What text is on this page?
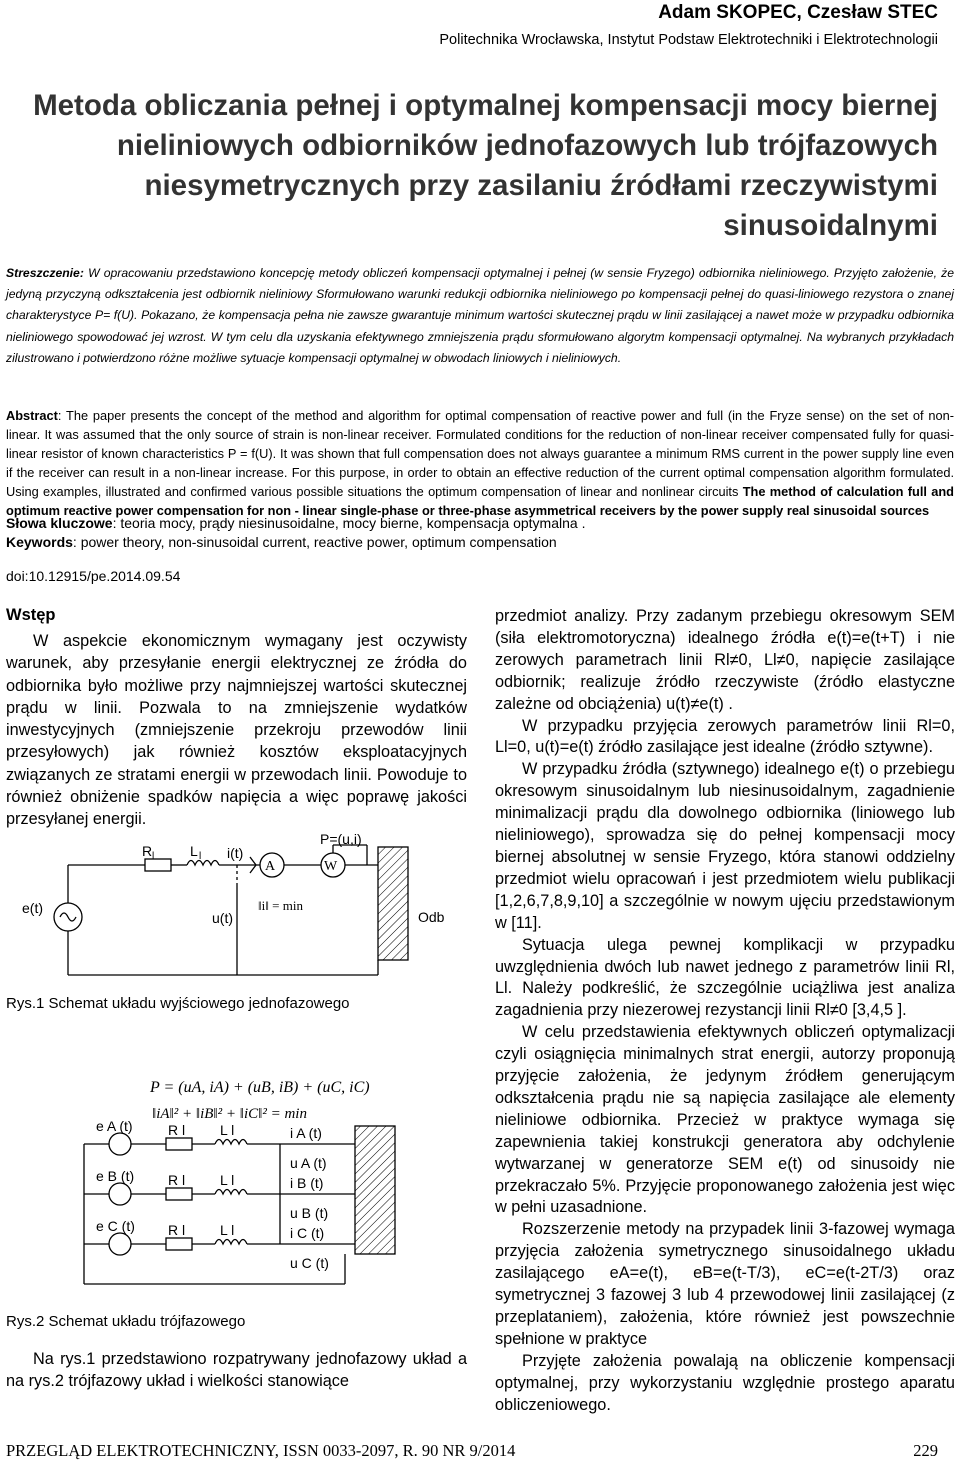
Adam SKOPEC, Czesław STEC
Politechnika Wrocławska, Instytut Podstaw Elektrotechniki i Elektrotechnologii
Metoda obliczania pełnej i optymalnej kompensacji mocy biernej
nieliniowych odbiorników jednofazowych lub trójfazowych
niesymetrycznych przy zasilaniu źródłami rzeczywistymi
sinusoidalnymi
Streszczenie: W opracowaniu przedstawiono koncepcję metody obliczeń kompensacji optymalnej i pełnej (w sensie Fryzego) odbiornika nieliniowego. Przyjęto założenie, że jedyną przyczyną odkształcenia jest odbiornik nieliniowy Sformułowano warunki redukcji odbiornika nieliniowego po kompensacji pełnej do quasi-liniowego rezystora o znanej charakterystyce P= f(U). Pokazano, że kompensacja pełna nie zawsze gwarantuje minimum wartości skutecznej prądu w linii zasilającej a nawet może w przypadku odbiornika nieliniowego spowodować jej wzrost. W tym celu dla uzyskania efektywnego zmniejszenia prądu sformułowano algorytm kompensacji optymalnej. Na wybranych przykładach zilustrowano i potwierdzono różne możliwe sytuacje kompensacji optymalnej w obwodach liniowych i nieliniowych.
Abstract: The paper presents the concept of the method and algorithm for optimal compensation of reactive power and full (in the Fryze sense) on the set of non-linear. It was assumed that the only source of strain is non-linear receiver. Formulated conditions for the reduction of non-linear receiver compensated fully for quasi-linear resistor of known characteristics P = f(U). It was shown that full compensation does not always guarantee a minimum RMS current in the power supply line even if the receiver can result in a non-linear increase. For this purpose, in order to obtain an effective reduction of the current optimal compensation algorithm formulated. Using examples, illustrated and confirmed various possible situations the optimum compensation of linear and nonlinear circuits The method of calculation full and optimum reactive power compensation for non - linear single-phase or three-phase asymmetrical receivers by the power supply real sinusoidal sources
Słowa kluczowe: teoria mocy, prądy niesinusoidalne, mocy bierne, kompensacja optymalna .
Keywords: power theory, non-sinusoidal current, reactive power, optimum compensation
doi:10.12915/pe.2014.09.54
Wstęp
W aspekcie ekonomicznym wymagany jest oczywisty warunek, aby przesyłanie energii elektrycznej ze źródła do odbiornika było możliwe przy najmniejszej wartości skutecznej prądu w linii. Pozwala to na zmniejszenie wydatków inwestycyjnych (zmniejszenie przekroju przewodów linii przesyłowych) jak również kosztów eksploatacyjnych związanych ze stratami energii w przewodach linii. Powoduje to również obniżenie spadków napięcia a więc poprawę jakości przesyłanej energii.
R l	L l i(t)
P=(u,i)
A	W
e(t)
u(t)
‖i‖ = min
Odb
Rys.1 Schemat układu wyjściowego jednofazowego
P = (uA, iA) + (uB, iB) + (uC, iC)
‖iA‖² + ‖iB‖² + ‖iC‖² = min
e A (t)
e B (t)
e C (t)
R l L l
R l L l
R l L l
i A (t)
u A (t)
i B (t)
u B (t)
i C (t)
u C (t)
Rys.2 Schemat układu trójfazowego
Na rys.1 przedstawiono rozpatrywany jednofazowy układ a na rys.2 trójfazowy układ i wielkości stanowiące

przedmiot analizy. Przy zadanym przebiegu okresowym SEM (siła elektromotoryczna) idealnego źródła e(t)=e(t+T) i nie zerowych parametrach linii Rl≠0, Ll≠0, napięcie zasilające odbiornik; realizuje źródło rzeczywiste (źródło elastyczne zależne od obciążenia) u(t)≠e(t) .

W przypadku przyjęcia zerowych parametrów linii Rl=0, Ll=0, u(t)=e(t) źródło zasilające jest idealne (źródło sztywne).

W przypadku źródła (sztywnego) idealnego e(t) o przebiegu okresowym sinusoidalnym lub niesinusoidalnym, zagadnienie minimalizacji prądu dla dowolnego odbiornika (liniowego lub nieliniowego), sprowadza się do pełnej kompensacji mocy biernej absolutnej w sensie Fryzego, która stanowi oddzielny przedmiot wielu opracowań i jest przedmiotem wielu publikacji [1,2,6,7,8,9,10] a szczególnie w nowym ujęciu przedstawionym w [11].

Sytuacja ulega pewnej komplikacji w przypadku uwzględnienia dwóch lub nawet jednego z parametrów linii Rl, Ll. Należy podkreślić, że szczególnie uciążliwa jest analiza zagadnienia przy niezerowej rezystancji linii Rl≠0 [3,4,5 ].

W celu przedstawienia efektywnych obliczeń optymalizacji czyli osiągnięcia minimalnych strat energii, autorzy proponują przyjęcie założenia, że jedynym źródłem generującym odkształcenia prądu nie są napięcia zasilające ale elementy nieliniowe odbiornika. Przecież w praktyce wymaga się zapewnienia takiej konstrukcji generatora aby odchylenie wytwarzanej w generatorze SEM e(t) od sinusoidy nie przekraczało 5%. Przyjęcie proponowanego założenia jest więc w pełni uzasadnione.

Rozszerzenie metody na przypadek linii 3-fazowej wymaga przyjęcia założenia symetrycznego sinusoidalnego układu zasilającego eA=e(t), eB=e(t-T/3), eC=e(t-2T/3) oraz symetrycznej 3 fazowej 3 lub 4 przewodowej linii zasilającej (z przeplataniem), założenia, które również jest powszechnie spełnione w praktyce

Przyjęte założenia powalają na obliczenie kompensacji optymalnej, przy wykorzystaniu względnie prostego aparatu obliczeniowego.

PRZEGLĄD ELEKTROTECHNICZNY, ISSN 0033-2097, R. 90 NR 9/2014	229
